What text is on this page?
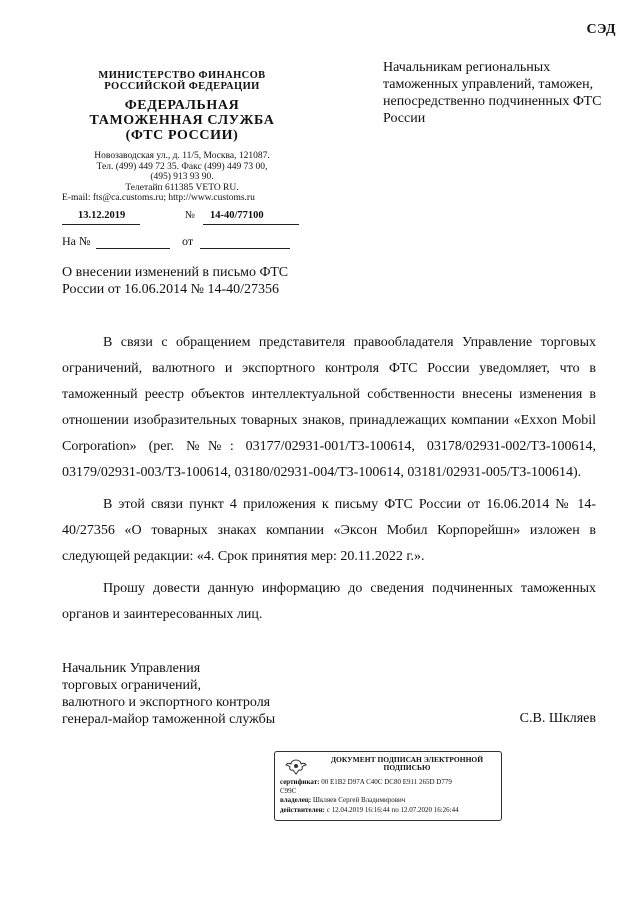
СЭД
МИНИСТЕРСТВО ФИНАНСОВ
РОССИЙСКОЙ ФЕДЕРАЦИИ
ФЕДЕРАЛЬНАЯ
ТАМОЖЕННАЯ СЛУЖБА
(ФТС РОССИИ)
Новозаводская ул., д. 11/5, Москва, 121087.
Тел. (499) 449 72 35. Факс (499) 449 73 00,
(495) 913 93 90.
Телетайп 611385 VETO RU.
E-mail: fts@ca.customs.ru; http://www.customs.ru
13.12.2019	№ 14-40/77100
На №	от
Начальникам региональных таможенных управлений, таможен, непосредственно подчиненных ФТС России
О внесении изменений в письмо ФТС России от 16.06.2014 № 14-40/27356

В связи с обращением представителя правообладателя Управление торговых ограничений, валютного и экспортного контроля ФТС России уведомляет, что в таможенный реестр объектов интеллектуальной собственности внесены изменения в отношении изобразительных товарных знаков, принадлежащих компании «Exxon Mobil Corporation» (рег. №№: 03177/02931-001/ТЗ-100614, 03178/02931-002/ТЗ-100614, 03179/02931-003/ТЗ-100614, 03180/02931-004/ТЗ-100614, 03181/02931-005/ТЗ-100614).

В этой связи пункт 4 приложения к письму ФТС России от 16.06.2014 № 14-40/27356 «О товарных знаках компании «Эксон Мобил Корпорейшн» изложен в следующей редакции: «4. Срок принятия мер: 20.11.2022 г.».

Прошу довести данную информацию до сведения подчиненных таможенных органов и заинтересованных лиц.

Начальник Управления
торговых ограничений,
валютного и экспортного контроля
генерал-майор таможенной службы	С.В. Шкляев
ДОКУМЕНТ ПОДПИСАН ЭЛЕКТРОННОЙ ПОДПИСЬЮ
сертификат: 00 E1B2 D97A C40C DC80 E911 265D D779
C99C
владелец: Шкляев Сергей Владимирович
действителен: с 12.04.2019 16:16:44 по 12.07.2020 16:26:44
